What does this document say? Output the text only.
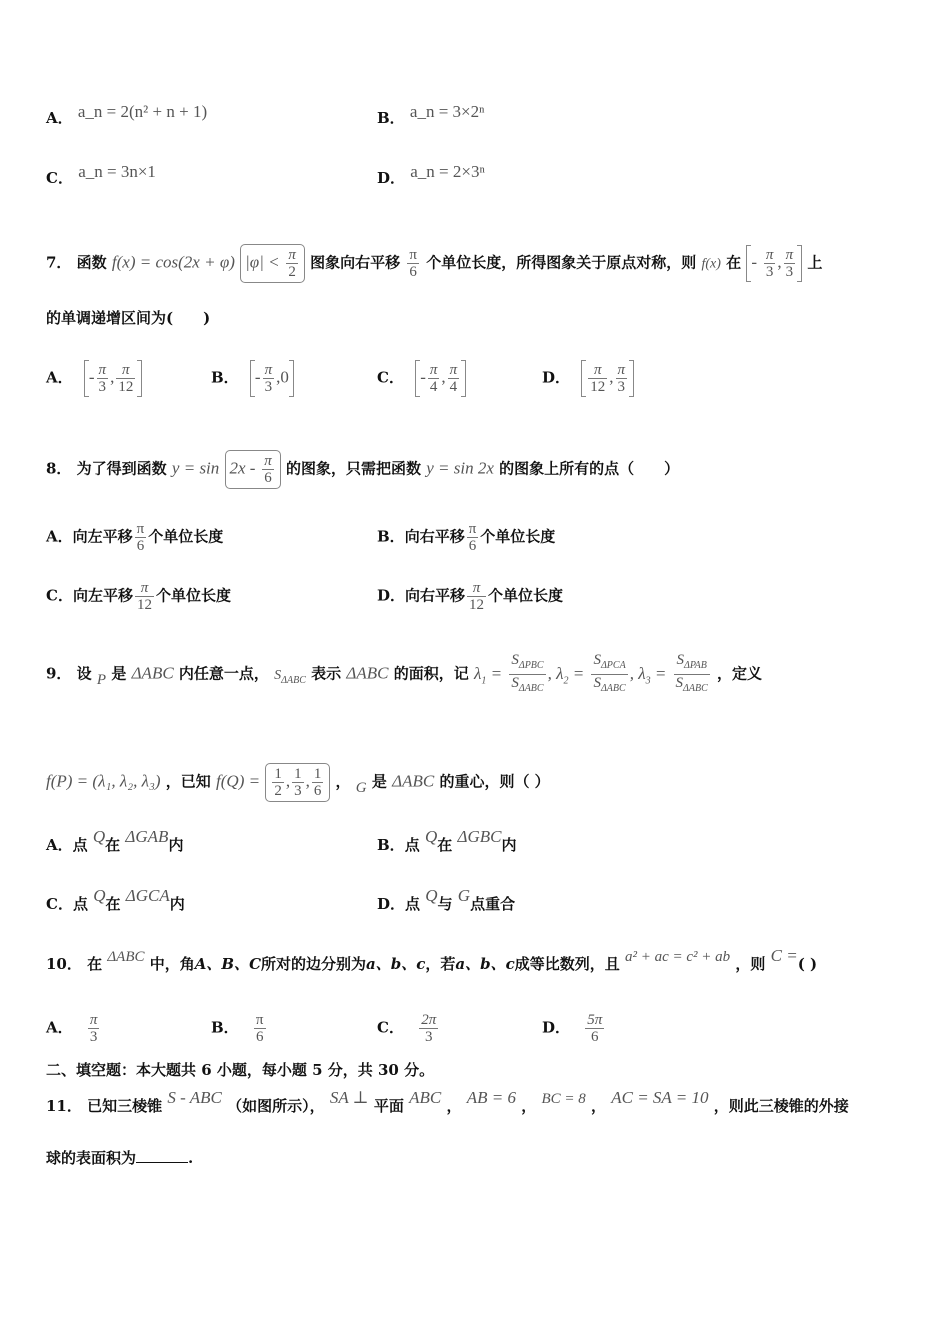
A． a_n = 2(n² + n + 1)	B． a_n = 3×2ⁿ
C． a_n = 3n×1	D． a_n = 2×3ⁿ
7． 函数 f(x) = cos(2x + φ) $|\varphi| < \frac{\pi}{2}$ 图象向右平移 $\frac{\pi}{6}$ 个单位长度，所得图象关于原点对称，则 f(x) 在 - $\frac{\pi}{3}$ , $\frac{\pi}{3}$ 上
的单调递增区间为(　　)
A． - $\frac{\pi}{3}$ , $\frac{\pi}{12}$	B． - $\frac{\pi}{3} ,0$	C． - $\frac{\pi}{4}$ , $\frac{\pi}{4}$	D． $\frac{\pi}{12}$ , $\frac{\pi}{3}$
8． 为了得到函数 $y = \sin 2x - \frac{\pi}{6}$ 的图象，只需把函数 y = sin 2x 的图象上所有的点（　　）
A．向左平移 $\frac{\pi}{6}$ 个单位长度	B．向右平移 $\frac{\pi}{6}$ 个单位长度
C．向左平移 $\frac{\pi}{12}$ 个单位长度	D．向右平移 $\frac{\pi}{12}$ 个单位长度
9． 设 P 是 ΔABC 内任意一点， $S_{\Delta ABC}$ 表示 ΔABC 的面积，记 $\lambda_1 = \frac{S_{\Delta PBC}}{S_{\Delta ABC}}$ , $\lambda_2 = \frac{S_{\Delta PCA}}{S_{\Delta ABC}}$ , $\lambda_3 = \frac{S_{\Delta PAB}}{S_{\Delta ABC}}$ ，定义
f(P) = (λ₁, λ₂, λ₃) ，已知 $f(Q) = \frac{1}{2}$ , $\frac{1}{3}$ , $\frac{1}{6}$ ， G 是 ΔABC 的重心，则（ ）
A．点 Q在 ΔGAB内	B．点 Q在 ΔGBC内
C．点 Q在 ΔGCA内	D．点 Q与 G点重合
10． 在 ΔABC 中，角A、B、C所对的边分别为a、b、c，若a、b、c成等比数列，且 a² + ac = c² + ab ，则 C =( )
A． $\frac{\pi}{3}$	B． $\frac{\pi}{6}$	C． $\frac{2\pi}{3}$	D． $\frac{5\pi}{6}$
二、填空题：本大题共 6 小题，每小题 5 分，共 30 分。
11． 已知三棱锥 S - ABC （如图所示）， SA ⊥ 平面 ABC ， AB = 6 ， BC = 8 ， AC = SA = 10 ，则此三棱锥的外接
球的表面积为	.
